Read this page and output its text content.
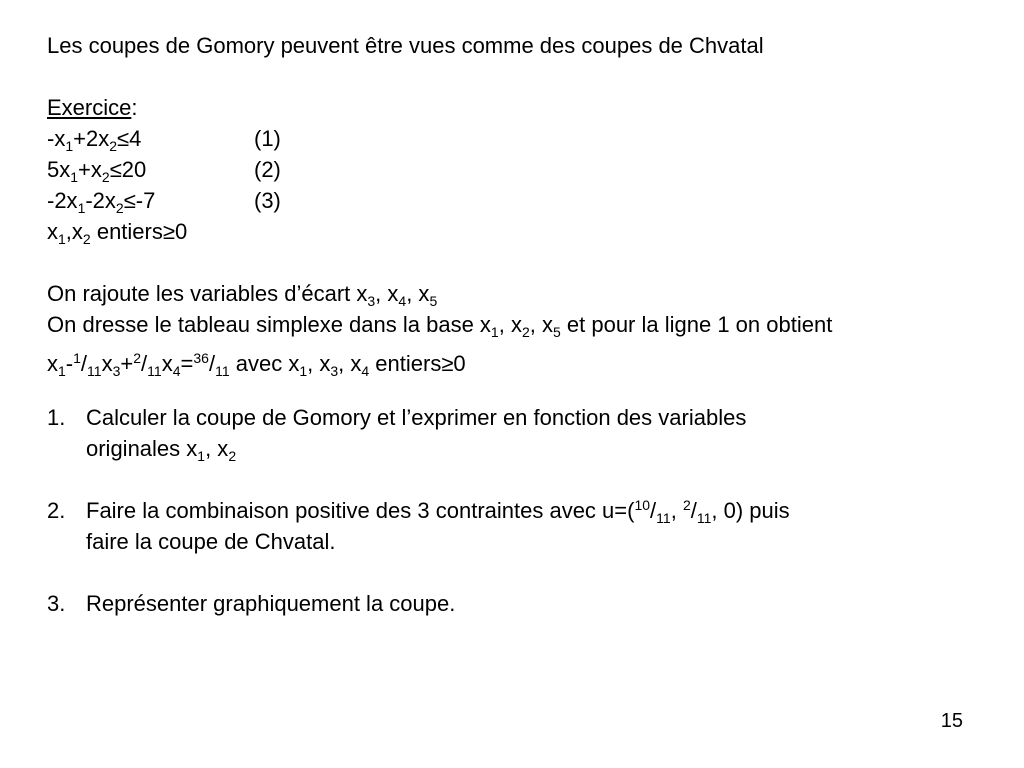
Les coupes de Gomory peuvent être vues comme des coupes de Chvatal
Exercice:
$-x_1+2x_2\le 4$	(1)
$5x_1+x_2\le 20$	(2)
$-2x_1-2x_2\le-7$	(3)
$x_1,x_2$ entiers≥0
On rajoute les variables d’écart $x_3$, $x_4$, $x_5$
On dresse le tableau simplexe dans la base $x_1$, $x_2$, $x_5$ et pour la ligne 1 on obtient
$x_1-^1/_{11}x_3+^2/_{11}x_4=^{36}/_{11}$ avec $x_1$, $x_3$, $x_4$ entiers≥0
1. Calculer la coupe de Gomory et l’exprimer en fonction des variables
originales $x_1$, $x_2$
2. Faire la combinaison positive des 3 contraintes avec $u=(^{10}/_{11}$, $^2/_{11}$, 0) puis
faire la coupe de Chvatal.
3. Représenter graphiquement la coupe.
15
